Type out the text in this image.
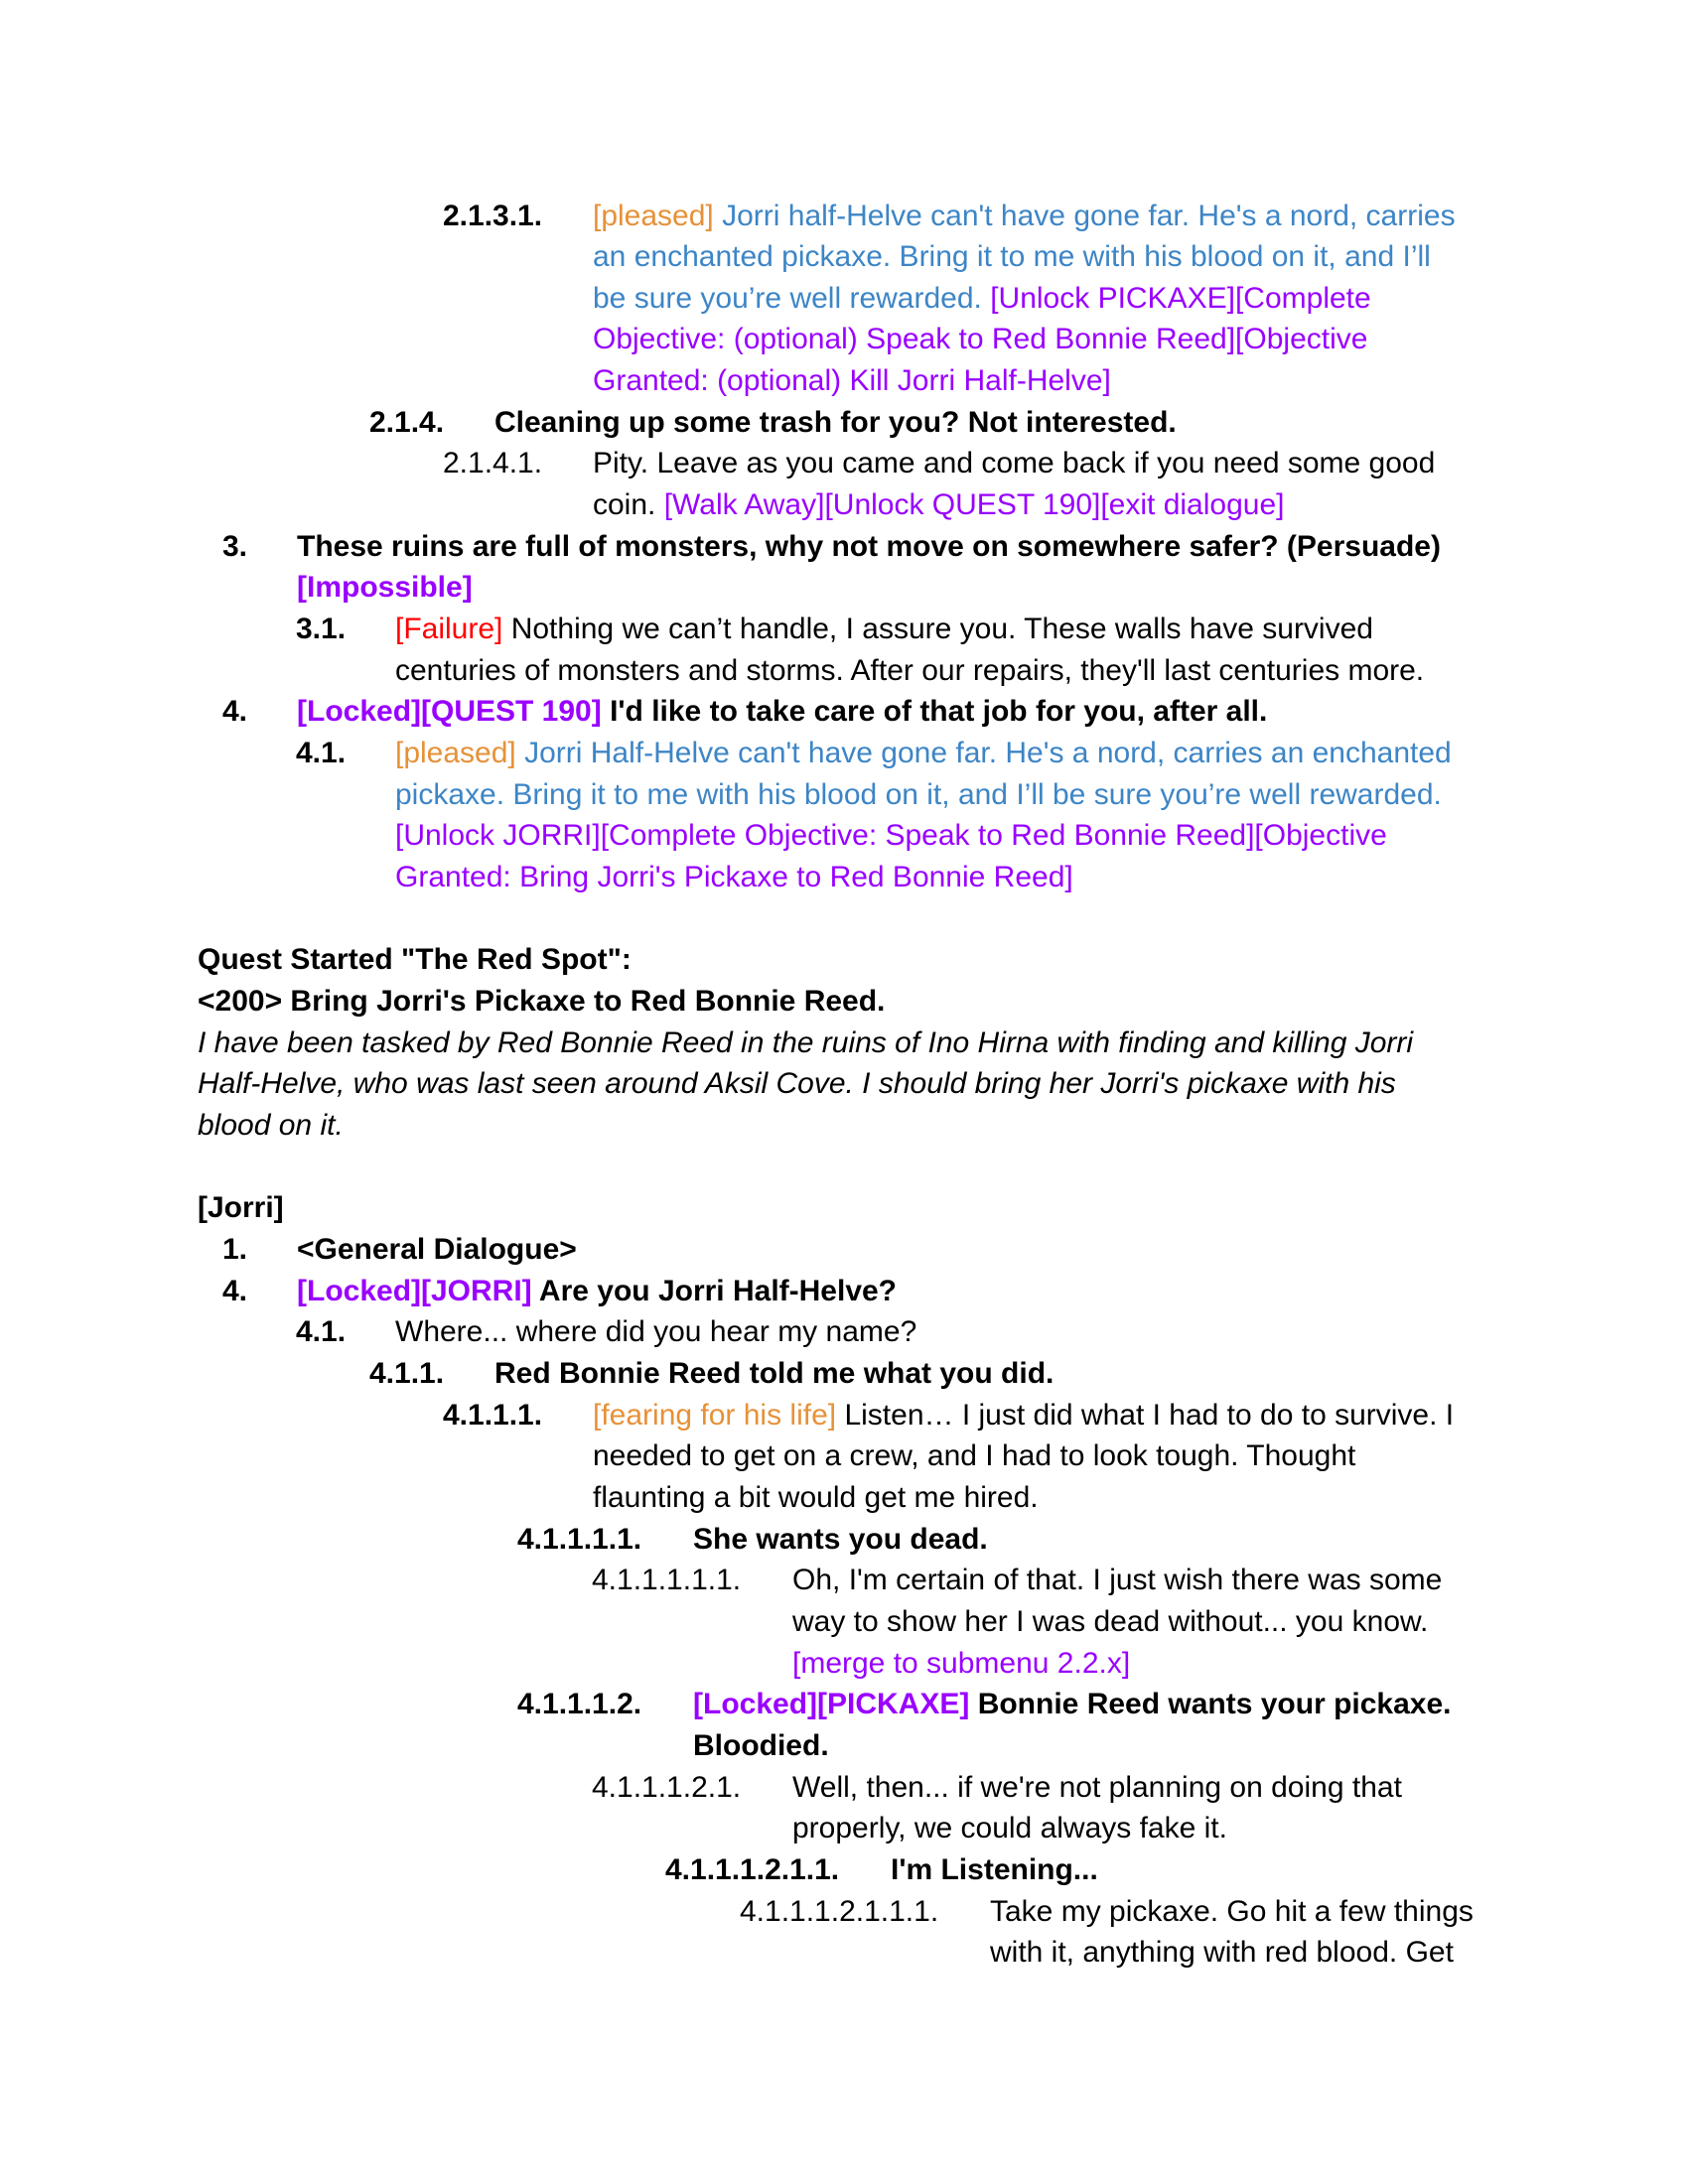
2.1.3.1. [pleased] Jorri half-Helve can't have gone far. He's a nord, carries
an enchanted pickaxe. Bring it to me with his blood on it, and I’ll
be sure you’re well rewarded. [Unlock PICKAXE][Complete
Objective: (optional) Speak to Red Bonnie Reed][Objective
Granted: (optional) Kill Jorri Half-Helve]
2.1.4. Cleaning up some trash for you? Not interested.
2.1.4.1. Pity. Leave as you came and come back if you need some good
coin. [Walk Away][Unlock QUEST 190][exit dialogue]
3. These ruins are full of monsters, why not move on somewhere safer? (Persuade)
[Impossible]
3.1. [Failure] Nothing we can’t handle, I assure you. These walls have survived
centuries of monsters and storms. After our repairs, they'll last centuries more.
4. [Locked][QUEST 190] I'd like to take care of that job for you, after all.
4.1. [pleased] Jorri Half-Helve can't have gone far. He's a nord, carries an enchanted
pickaxe. Bring it to me with his blood on it, and I’ll be sure you’re well rewarded.
[Unlock JORRI][Complete Objective: Speak to Red Bonnie Reed][Objective
Granted: Bring Jorri's Pickaxe to Red Bonnie Reed]
Quest Started "The Red Spot":
<200> Bring Jorri's Pickaxe to Red Bonnie Reed.
I have been tasked by Red Bonnie Reed in the ruins of Ino Hirna with finding and killing Jorri
Half-Helve, who was last seen around Aksil Cove. I should bring her Jorri's pickaxe with his
blood on it.
[Jorri]
1. <General Dialogue>
4. [Locked][JORRI] Are you Jorri Half-Helve?
4.1. Where... where did you hear my name?
4.1.1. Red Bonnie Reed told me what you did.
4.1.1.1. [fearing for his life] Listen… I just did what I had to do to survive. I
needed to get on a crew, and I had to look tough. Thought
flaunting a bit would get me hired.
4.1.1.1.1. She wants you dead.
4.1.1.1.1.1. Oh, I'm certain of that. I just wish there was some
way to show her I was dead without... you know.
[merge to submenu 2.2.x]
4.1.1.1.2. [Locked][PICKAXE] Bonnie Reed wants your pickaxe.
Bloodied.
4.1.1.1.2.1. Well, then... if we're not planning on doing that
properly, we could always fake it.
4.1.1.1.2.1.1. I'm Listening...
4.1.1.1.2.1.1.1. Take my pickaxe. Go hit a few things
with it, anything with red blood. Get
